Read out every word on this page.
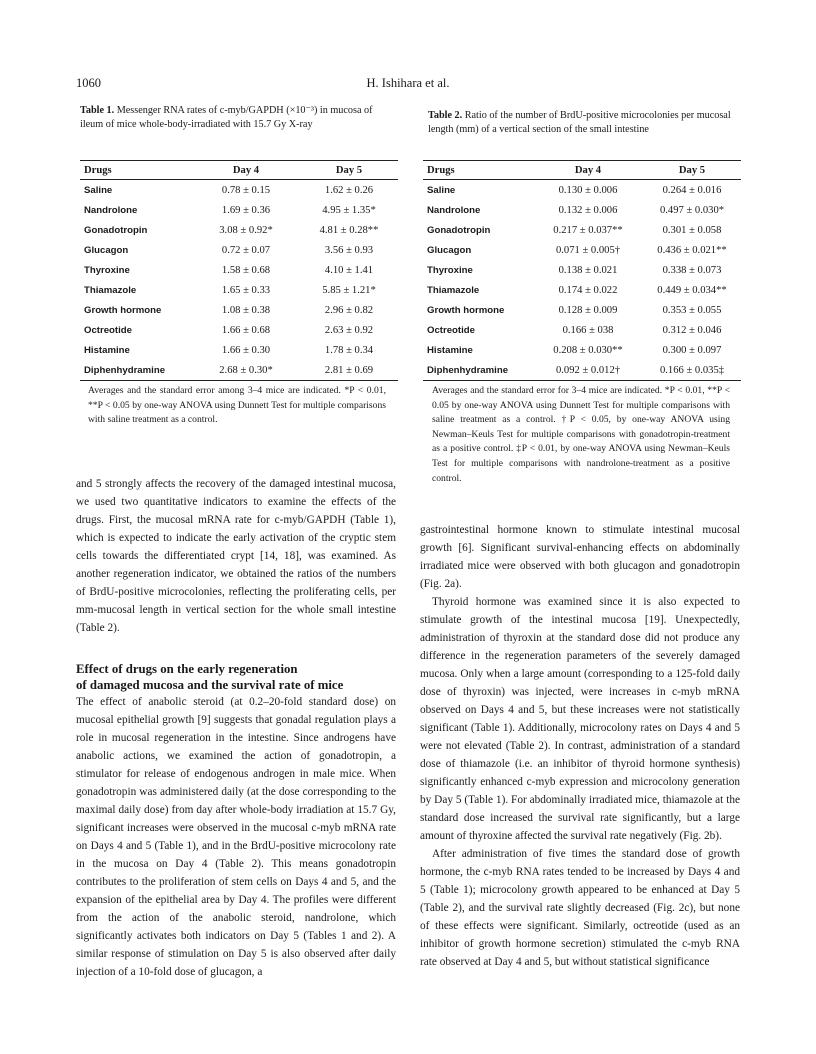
1060	H. Ishihara et al.
Table 1. Messenger RNA rates of c-myb/GAPDH (×10⁻³) in mucosa of ileum of mice whole-body-irradiated with 15.7 Gy X-ray
Drugs	Day 4	Day 5
Saline	0.78 ± 0.15	1.62 ± 0.26
Nandrolone	1.69 ± 0.36	4.95 ± 1.35*
Gonadotropin	3.08 ± 0.92*	4.81 ± 0.28**
Glucagon	0.72 ± 0.07	3.56 ± 0.93
Thyroxine	1.58 ± 0.68	4.10 ± 1.41
Thiamazole	1.65 ± 0.33	5.85 ± 1.21*
Growth hormone	1.08 ± 0.38	2.96 ± 0.82
Octreotide	1.66 ± 0.68	2.63 ± 0.92
Histamine	1.66 ± 0.30	1.78 ± 0.34
Diphenhydramine	2.68 ± 0.30*	2.81 ± 0.69
Averages and the standard error among 3–4 mice are indicated. *P < 0.01, **P < 0.05 by one-way ANOVA using Dunnett Test for multiple comparisons with saline treatment as a control.
Table 2. Ratio of the number of BrdU-positive microcolonies per mucosal length (mm) of a vertical section of the small intestine
Drugs	Day 4	Day 5
Saline	0.130 ± 0.006	0.264 ± 0.016
Nandrolone	0.132 ± 0.006	0.497 ± 0.030*
Gonadotropin	0.217 ± 0.037**	0.301 ± 0.058
Glucagon	0.071 ± 0.005†	0.436 ± 0.021**
Thyroxine	0.138 ± 0.021	0.338 ± 0.073
Thiamazole	0.174 ± 0.022	0.449 ± 0.034**
Growth hormone	0.128 ± 0.009	0.353 ± 0.055
Octreotide	0.166 ± 038	0.312 ± 0.046
Histamine	0.208 ± 0.030**	0.300 ± 0.097
Diphenhydramine	0.092 ± 0.012†	0.166 ± 0.035‡
Averages and the standard error for 3–4 mice are indicated. *P < 0.01, **P < 0.05 by one-way ANOVA using Dunnett Test for multiple comparisons with saline treatment as a control. †P < 0.05, by one-way ANOVA using Newman–Keuls Test for multiple comparisons with gonadotropin-treatment as a positive control. ‡P < 0.01, by one-way ANOVA using Newman–Keuls Test for multiple comparisons with nandrolone-treatment as a positive control.

and 5 strongly affects the recovery of the damaged intestinal mucosa, we used two quantitative indicators to examine the effects of the drugs. First, the mucosal mRNA rate for c-myb/GAPDH (Table 1), which is expected to indicate the early activation of the cryptic stem cells towards the differentiated crypt [14, 18], was examined. As another regeneration indicator, we obtained the ratios of the numbers of BrdU-positive microcolonies, reflecting the proliferating cells, per mm-mucosal length in vertical section for the whole small intestine (Table 2).

Effect of drugs on the early regeneration
of damaged mucosa and the survival rate of mice

The effect of anabolic steroid (at 0.2–20-fold standard dose) on mucosal epithelial growth [9] suggests that gonadal regulation plays a role in mucosal regeneration in the intestine. Since androgens have anabolic actions, we examined the action of gonadotropin, a stimulator for release of endogenous androgen in male mice. When gonadotropin was administered daily (at the dose corresponding to the maximal daily dose) from day after whole-body irradiation at 15.7 Gy, significant increases were observed in the mucosal c-myb mRNA rate on Days 4 and 5 (Table 1), and in the BrdU-positive microcolony rate in the mucosa on Day 4 (Table 2). This means gonadotropin contributes to the proliferation of stem cells on Days 4 and 5, and the expansion of the epithelial area by Day 4. The profiles were different from the action of the anabolic steroid, nandrolone, which significantly activates both indicators on Day 5 (Tables 1 and 2). A similar response of stimulation on Day 5 is also observed after daily injection of a 10-fold dose of glucagon, a

gastrointestinal hormone known to stimulate intestinal mucosal growth [6]. Significant survival-enhancing effects on abdominally irradiated mice were observed with both glucagon and gonadotropin (Fig. 2a).

Thyroid hormone was examined since it is also expected to stimulate growth of the intestinal mucosa [19]. Unexpectedly, administration of thyroxin at the standard dose did not produce any difference in the regeneration parameters of the severely damaged mucosa. Only when a large amount (corresponding to a 125-fold daily dose of thyroxin) was injected, were increases in c-myb mRNA observed on Days 4 and 5, but these increases were not statistically significant (Table 1). Additionally, microcolony rates on Days 4 and 5 were not elevated (Table 2). In contrast, administration of a standard dose of thiamazole (i.e. an inhibitor of thyroid hormone synthesis) significantly enhanced c-myb expression and microcolony generation by Day 5 (Table 1). For abdominally irradiated mice, thiamazole at the standard dose increased the survival rate significantly, but a large amount of thyroxine affected the survival rate negatively (Fig. 2b).

After administration of five times the standard dose of growth hormone, the c-myb RNA rates tended to be increased by Days 4 and 5 (Table 1); microcolony growth appeared to be enhanced at Day 5 (Table 2), and the survival rate slightly decreased (Fig. 2c), but none of these effects were significant. Similarly, octreotide (used as an inhibitor of growth hormone secretion) stimulated the c-myb RNA rate observed at Day 4 and 5, but without statistical significance
